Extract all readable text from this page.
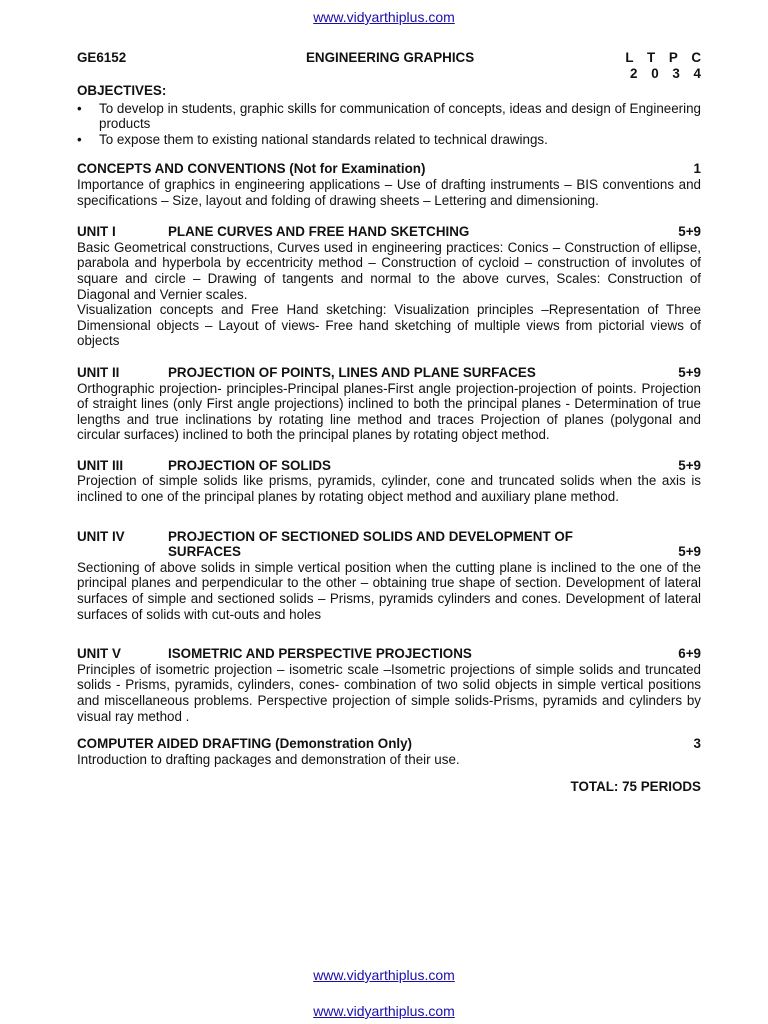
www.vidyarthiplus.com
GE6152	ENGINEERING GRAPHICS	L T P C
2 0 3 4
OBJECTIVES:
• To develop in students, graphic skills for communication of concepts, ideas and design of Engineering products
• To expose them to existing national standards related to technical drawings.
CONCEPTS AND CONVENTIONS (Not for Examination)	1
Importance of graphics in engineering applications – Use of drafting instruments – BIS conventions and specifications – Size, layout and folding of drawing sheets – Lettering and dimensioning.
UNIT I	PLANE CURVES AND FREE HAND SKETCHING	5+9
Basic Geometrical constructions, Curves used in engineering practices: Conics – Construction of ellipse, parabola and hyperbola by eccentricity method – Construction of cycloid – construction of involutes of square and circle – Drawing of tangents and normal to the above curves, Scales: Construction of Diagonal and Vernier scales.
Visualization concepts and Free Hand sketching: Visualization principles –Representation of Three Dimensional objects – Layout of views- Free hand sketching of multiple views from pictorial views of objects
UNIT II	PROJECTION OF POINTS, LINES AND PLANE SURFACES	5+9
Orthographic projection- principles-Principal planes-First angle projection-projection of points. Projection of straight lines (only First angle projections) inclined to both the principal planes - Determination of true lengths and true inclinations by rotating line method and traces Projection of planes (polygonal and circular surfaces) inclined to both the principal planes by rotating object method.
UNIT III	PROJECTION OF SOLIDS	5+9
Projection of simple solids like prisms, pyramids, cylinder, cone and truncated solids when the axis is inclined to one of the principal planes by rotating object method and auxiliary plane method.
UNIT IV	PROJECTION OF SECTIONED SOLIDS AND DEVELOPMENT OF SURFACES	5+9
Sectioning of above solids in simple vertical position when the cutting plane is inclined to the one of the principal planes and perpendicular to the other – obtaining true shape of section. Development of lateral surfaces of simple and sectioned solids – Prisms, pyramids cylinders and cones. Development of lateral surfaces of solids with cut-outs and holes
UNIT V	ISOMETRIC AND PERSPECTIVE PROJECTIONS	6+9
Principles of isometric projection – isometric scale –Isometric projections of simple solids and truncated solids - Prisms, pyramids, cylinders, cones- combination of two solid objects in simple vertical positions and miscellaneous problems. Perspective projection of simple solids-Prisms, pyramids and cylinders by visual ray method .
COMPUTER AIDED DRAFTING (Demonstration Only)	3
Introduction to drafting packages and demonstration of their use.
TOTAL: 75 PERIODS
www.vidyarthiplus.com
www.vidyarthiplus.com
